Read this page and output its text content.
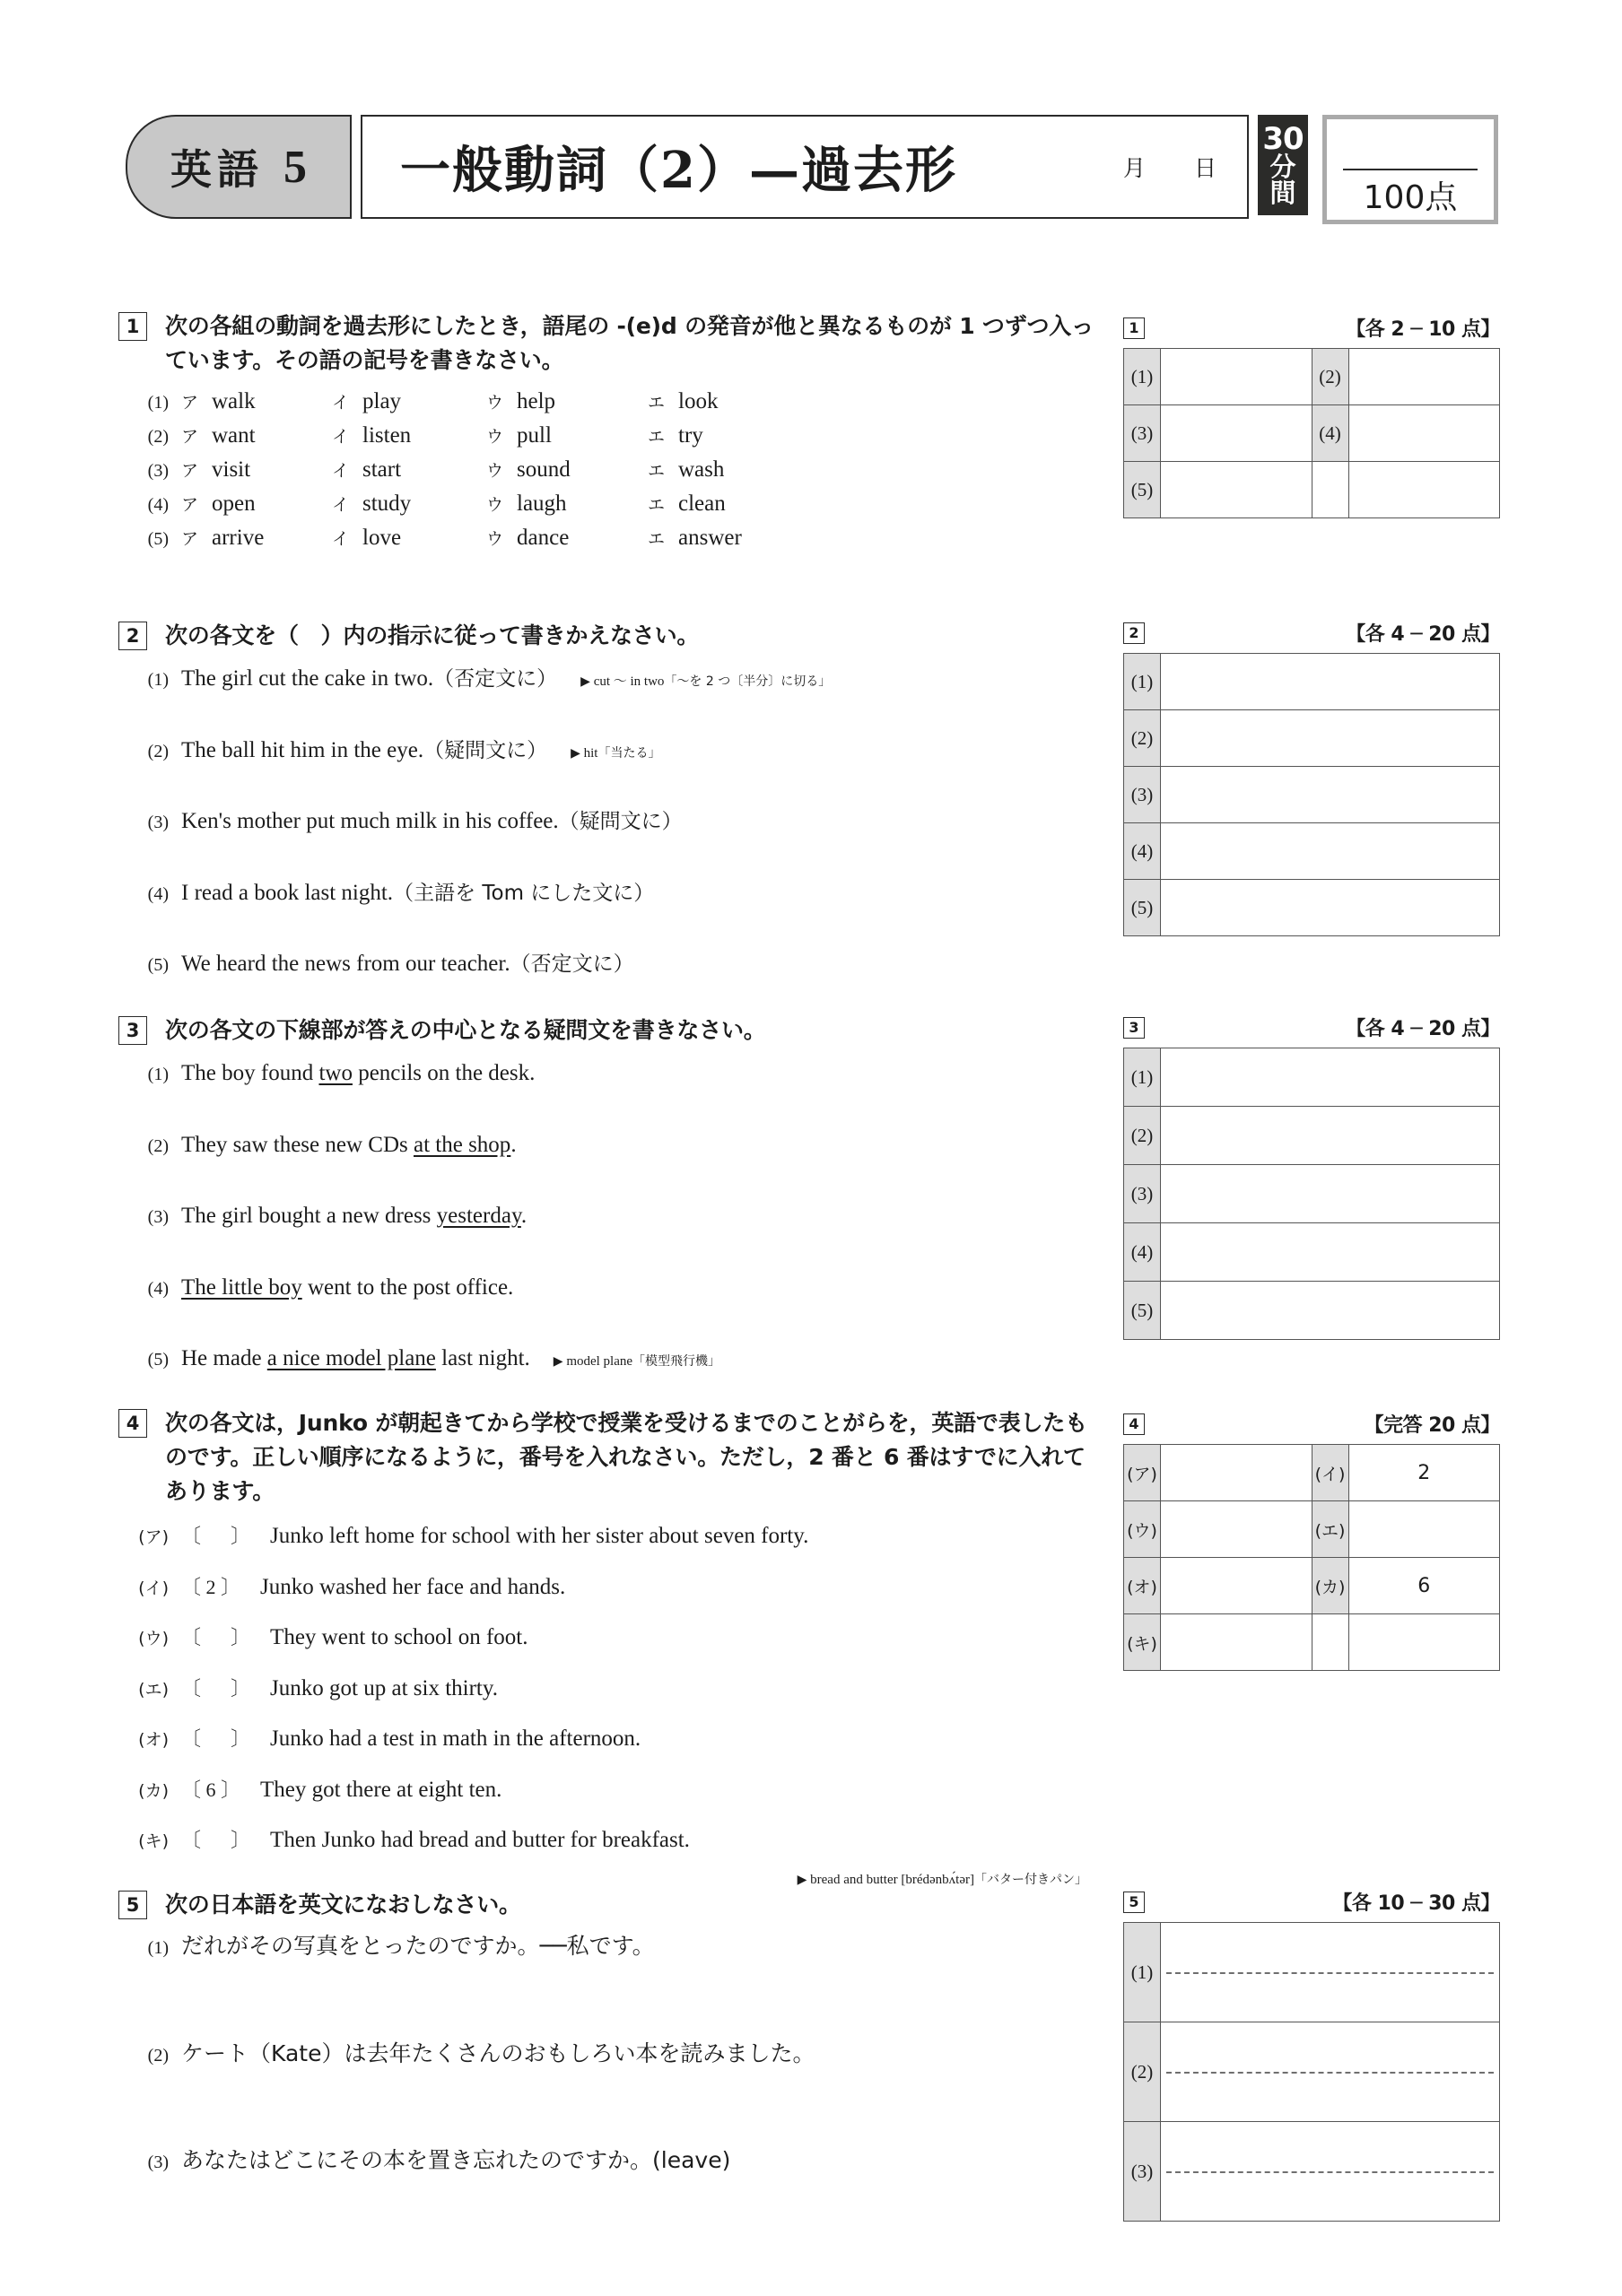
英語 5 一般動詞（2）—過去形	月 日
30
分
間 100点
1	次の各組の動詞を過去形にしたとき，語尾の -(e)d の発音が他と異なるものが 1 つずつ入っています。その語の記号を書きなさい。
(1) ア walk	イ play	ウ help	エ look
(2) ア want	イ listen	ウ pull	エ try
(3) ア visit	イ start	ウ sound	エ wash
(4) ア open	イ study	ウ laugh	エ clean
(5) ア arrive	イ love	ウ dance	エ answer
1	【各 2 ─ 10 点】
(1)		(2)	
(3)		(4)	
(5)			
2	次の各文を（　）内の指示に従って書きかえなさい。
(1) The girl cut the cake in two. （否定文に） ▶ cut ～ in two「～を 2 つ〔半分〕に切る」
(2) The ball hit him in the eye. （疑問文に） ▶ hit「当たる」
(3) Ken's mother put much milk in his coffee. （疑問文に）
(4) I read a book last night. （主語を Tom にした文に）
(5) We heard the news from our teacher. （否定文に）
2	【各 4 ─ 20 点】
(1)	
(2)	
(3)	
(4)	
(5)	
3	次の各文の下線部が答えの中心となる疑問文を書きなさい。
(1) The boy found two pencils on the desk.
(2) They saw these new CDs at the shop.
(3) The girl bought a new dress yesterday.
(4) The little boy went to the post office.
(5) He made a nice model plane last night. ▶ model plane「模型飛行機」
3	【各 4 ─ 20 点】
(1)	
(2)	
(3)	
(4)	
(5)	
4	次の各文は，Junko が朝起きてから学校で授業を受けるまでのことがらを，英語で表したものです。正しい順序になるように，番号を入れなさい。ただし，2 番と 6 番はすでに入れてあります。
(ア) 〔 　 〕 Junko left home for school with her sister about seven forty.
(イ) 〔 2 〕 Junko washed her face and hands.
(ウ) 〔 　 〕 They went to school on foot.
(エ) 〔 　 〕 Junko got up at six thirty.
(オ) 〔 　 〕 Junko had a test in math in the afternoon.
(カ) 〔 6 〕 They got there at eight ten.
(キ) 〔 　 〕 Then Junko had bread and butter for breakfast.
▶ bread and butter [brédənbʌ́tər]「バター付きパン」
4	【完答 20 点】
(ア)		(イ)	2
(ウ)		(エ)	
(オ)		(カ)	6
(キ)			
5	次の日本語を英文になおしなさい。
(1) だれがその写真をとったのですか。──私です。
(2) ケート（Kate）は去年たくさんのおもしろい本を読みました。
(3) あなたはどこにその本を置き忘れたのですか。(leave)
5	【各 10 ─ 30 点】
(1)	
(2)	
(3)	
